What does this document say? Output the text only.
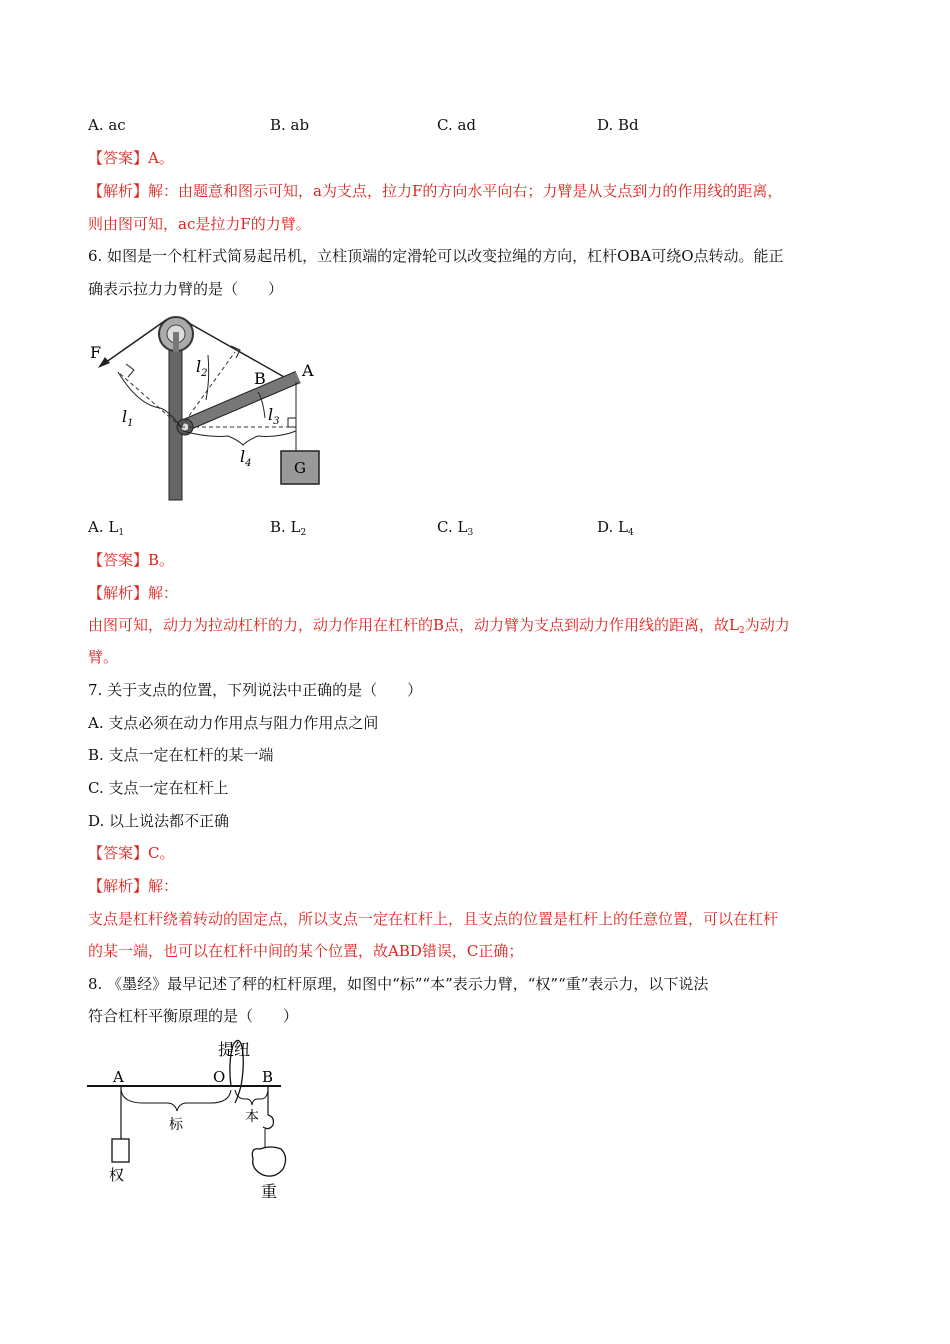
A. ac	B. ab	C. ad	D. Bd
【答案】A。
【解析】解：由题意和图示可知，a为支点，拉力F的方向水平向右；力臂是从支点到力的作用线的距离，
则由图可知，ac是拉力F的力臂。
6. 如图是一个杠杆式简易起吊机，立柱顶端的定滑轮可以改变拉绳的方向，杠杆OBA可绕O点转动。能正
确表示拉力力臂的是（　　）
F
A
B
G
$l_1$
$l_2$
$l_3$
$l_4$
A. $L_1$	B. $L_2$	C. $L_3$	D. $L_4$
【答案】B。
【解析】解：
由图可知，动力为拉动杠杆的力，动力作用在杠杆的B点，动力臂为支点到动力作用线的距离，故$L_2$为动力
臂。
7. 关于支点的位置，下列说法中正确的是（　　）
A. 支点必须在动力作用点与阻力作用点之间
B. 支点一定在杠杆的某一端
C. 支点一定在杠杆上
D. 以上说法都不正确
【答案】C。
【解析】解：
支点是杠杆绕着转动的固定点，所以支点一定在杠杆上，且支点的位置是杠杆上的任意位置，可以在杠杆
的某一端，也可以在杠杆中间的某个位置，故ABD错误，C正确；
8. 《墨经》最早记述了秤的杠杆原理，如图中“标”“本”表示力臂，“权”“重”表示力，以下说法
符合杠杆平衡原理的是（　　）
提纽
A	O B
标	本
权
重
